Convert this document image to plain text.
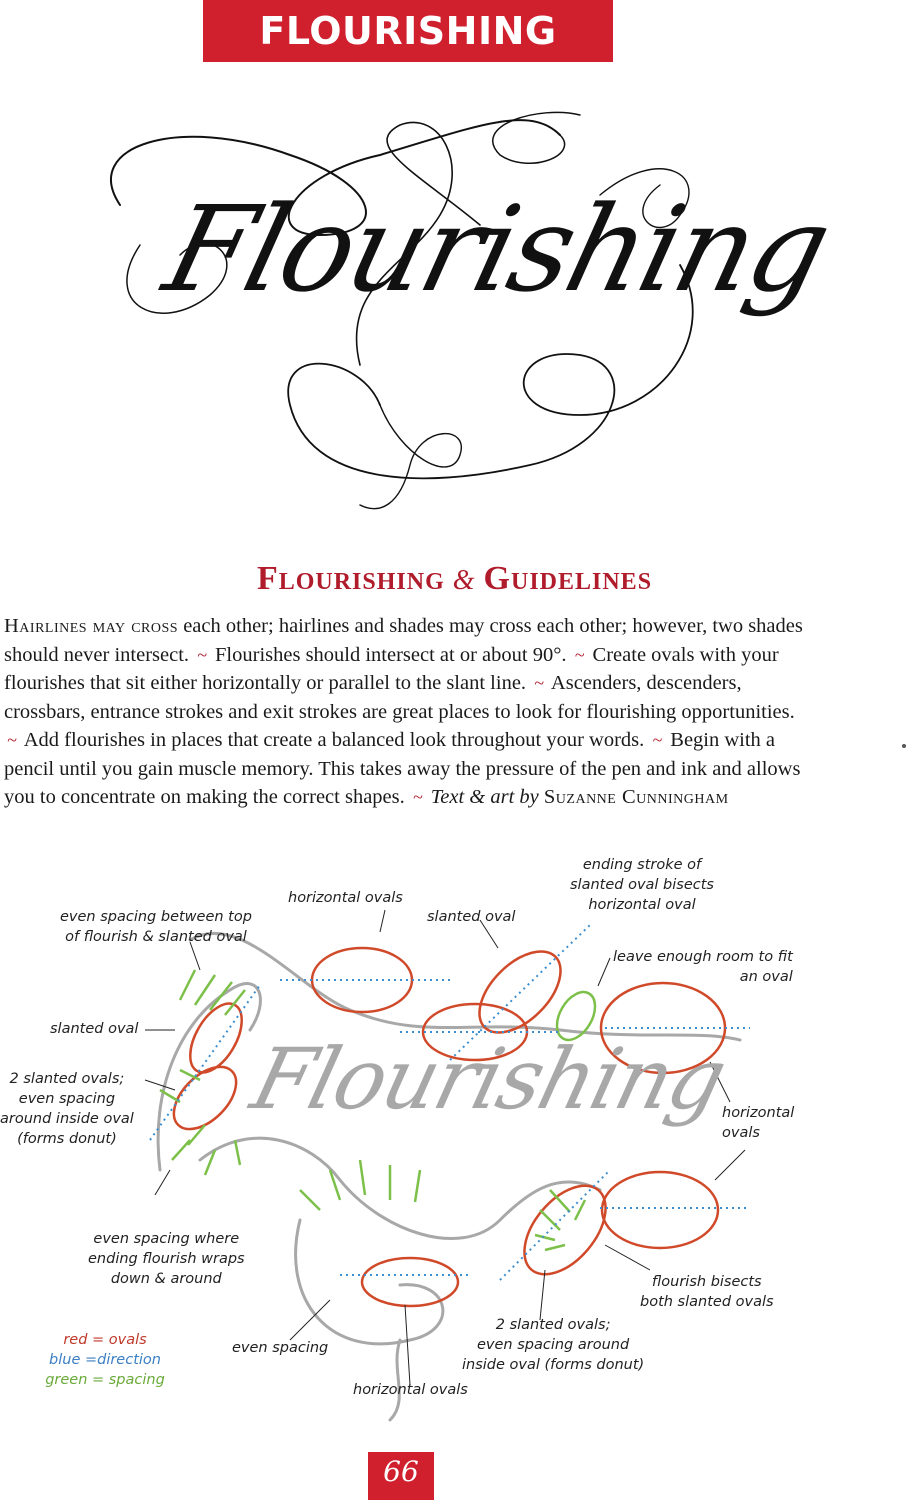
FLOURISHING
Flourishing
Flourishing & Guidelines
Hairlines may cross each other; hairlines and shades may cross each other; however, two shades should never intersect. ~ Flourishes should intersect at or about 90°. ~ Create ovals with your flourishes that sit either horizontally or parallel to the slant line. ~ Ascenders, descenders, crossbars, entrance strokes and exit strokes are great places to look for flourishing opportunities. ~ Add flourishes in places that create a balanced look throughout your words. ~ Begin with a pencil until you gain muscle memory. This takes away the pressure of the pen and ink and allows you to concentrate on making the correct shapes. ~ Text & art by Suzanne Cunningham
Flourishing
even spacing between top
of flourish & slanted oval
horizontal ovals
slanted oval
ending stroke of
slanted oval bisects
horizontal oval
leave enough room to fit
an oval
slanted oval
2 slanted ovals;
even spacing
around inside oval
(forms donut)
horizontal
ovals
even spacing where
ending flourish wraps
down & around	flourish bisects
both slanted ovals
2 slanted ovals;
even spacing around
inside oval (forms donut)
even spacing
horizontal ovals
red = ovals
blue =direction
green = spacing
66
